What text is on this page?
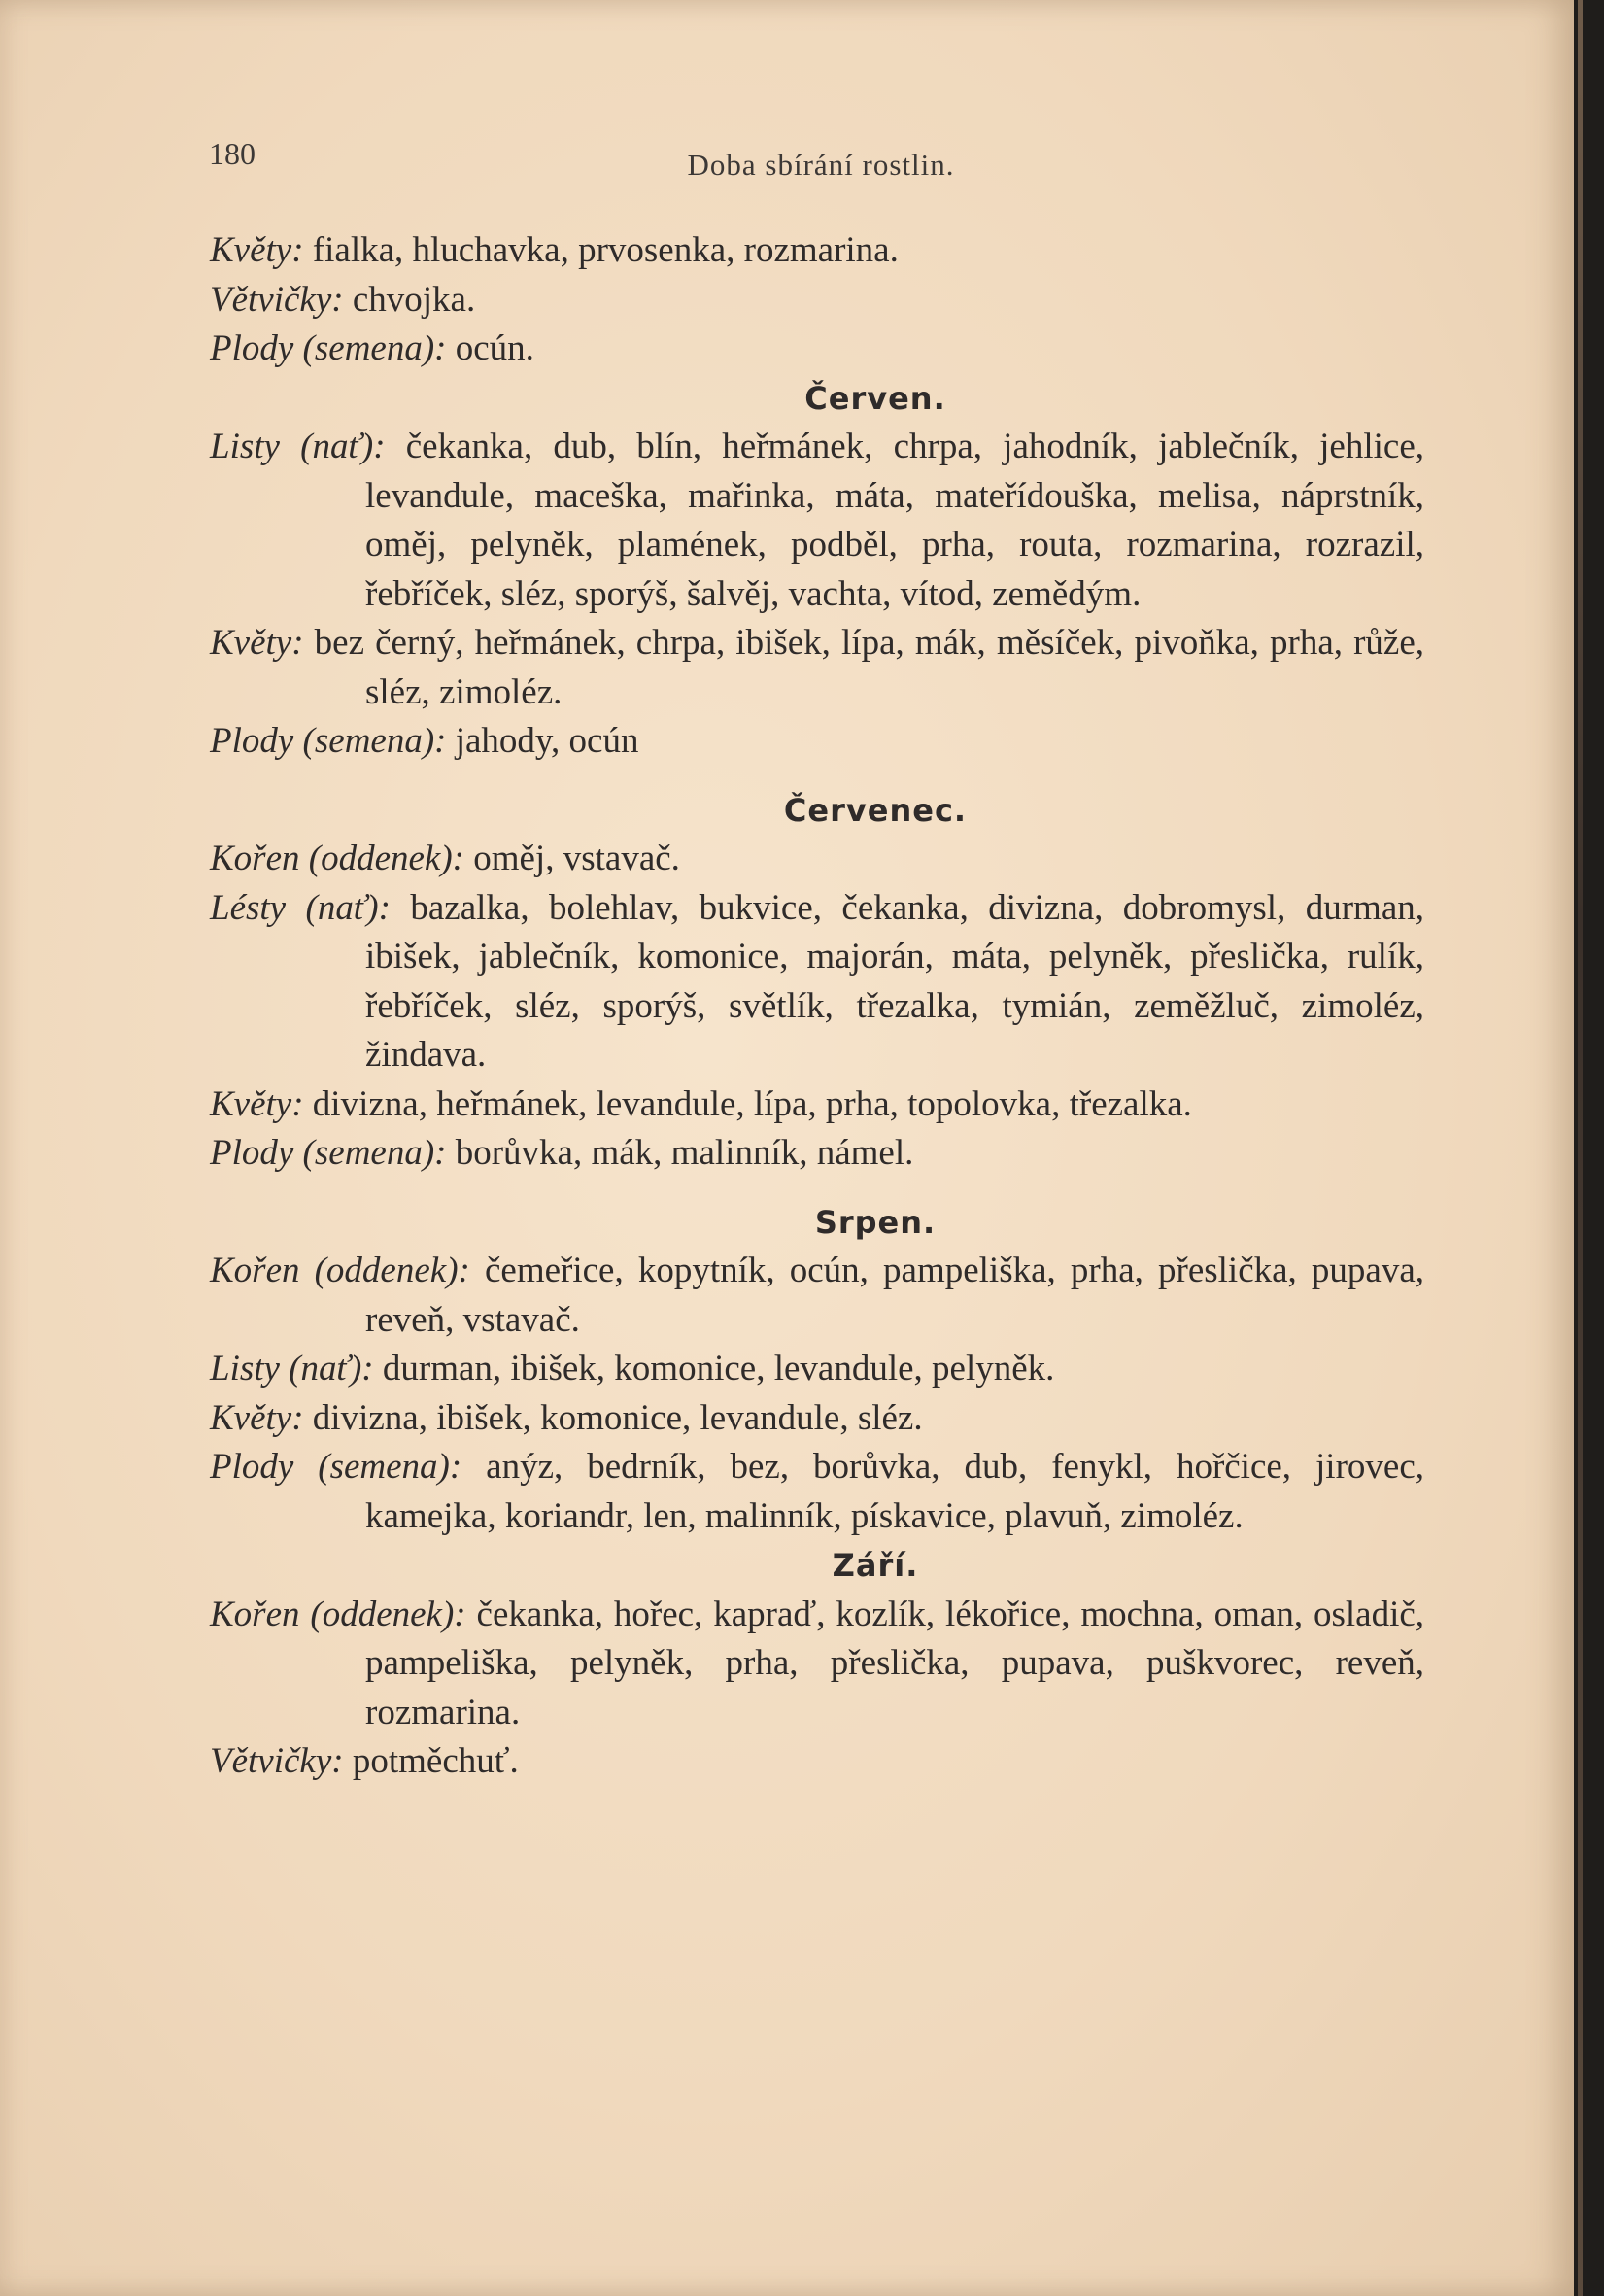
180	Doba sbírání rostlin.
Květy: fialka, hluchavka, prvosenka, rozmarina.
Větvičky: chvojka.
Plody (semena): ocún.
Červen.
Listy (nať): čekanka, dub, blín, heřmánek, chrpa, jahodník, jablečník, jehlice, levandule, maceška, mařinka, máta, mateřídouška, melisa, náprstník, oměj, pelyněk, plamének, podběl, prha, routa, rozmarina, rozrazil, řebříček, sléz, sporýš, šalvěj, vachta, vítod, zemědým.
Květy: bez černý, heřmánek, chrpa, ibišek, lípa, mák, měsíček, pivoňka, prha, růže, sléz, zimoléz.
Plody (semena): jahody, ocún
Červenec.
Kořen (oddenek): oměj, vstavač.
Lésty (nať): bazalka, bolehlav, bukvice, čekanka, divizna, dobromysl, durman, ibišek, jablečník, komonice, majorán, máta, pelyněk, přeslička, rulík, řebříček, sléz, sporýš, světlík, třezalka, tymián, zeměžluč, zimoléz, žindava.
Květy: divizna, heřmánek, levandule, lípa, prha, topolovka, třezalka.
Plody (semena): borůvka, mák, malinník, námel.
Srpen.
Kořen (oddenek): čemeřice, kopytník, ocún, pampeliška, prha, přeslička, pupava, reveň, vstavač.
Listy (nať): durman, ibišek, komonice, levandule, pelyněk.
Květy: divizna, ibišek, komonice, levandule, sléz.
Plody (semena): anýz, bedrník, bez, borůvka, dub, fenykl, hořčice, jirovec, kamejka, koriandr, len, malinník, pískavice, plavuň, zimoléz.
Září.
Kořen (oddenek): čekanka, hořec, kapraď, kozlík, lékořice, mochna, oman, osladič, pampeliška, pelyněk, prha, přeslička, pupava, puškvorec, reveň, rozmarina.
Větvičky: potměchuť.
